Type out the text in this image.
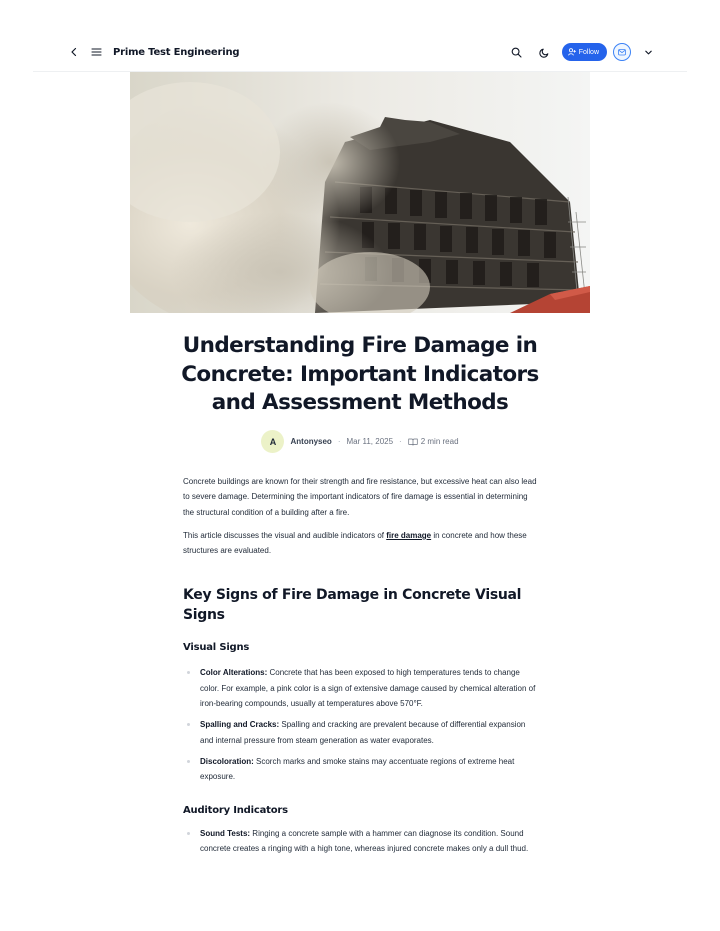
Prime Test Engineering	Follow
Understanding Fire Damage in Concrete: Important Indicators and Assessment Methods
A	Antonyseo · Mar 11, 2025 · 2 min read

Concrete buildings are known for their strength and fire resistance, but excessive heat can also lead to severe damage. Determining the important indicators of fire damage is essential in determining the structural condition of a building after a fire.

This article discusses the visual and audible indicators of fire damage in concrete and how these structures are evaluated.

Key Signs of Fire Damage in Concrete Visual Signs
Visual Signs
Color Alterations: Concrete that has been exposed to high temperatures tends to change color. For example, a pink color is a sign of extensive damage caused by chemical alteration of iron-bearing compounds, usually at temperatures above 570°F.
Spalling and Cracks: Spalling and cracking are prevalent because of differential expansion and internal pressure from steam generation as water evaporates.
Discoloration: Scorch marks and smoke stains may accentuate regions of extreme heat exposure.
Auditory Indicators
Sound Tests: Ringing a concrete sample with a hammer can diagnose its condition. Sound concrete creates a ringing with a high tone, whereas injured concrete makes only a dull thud.
